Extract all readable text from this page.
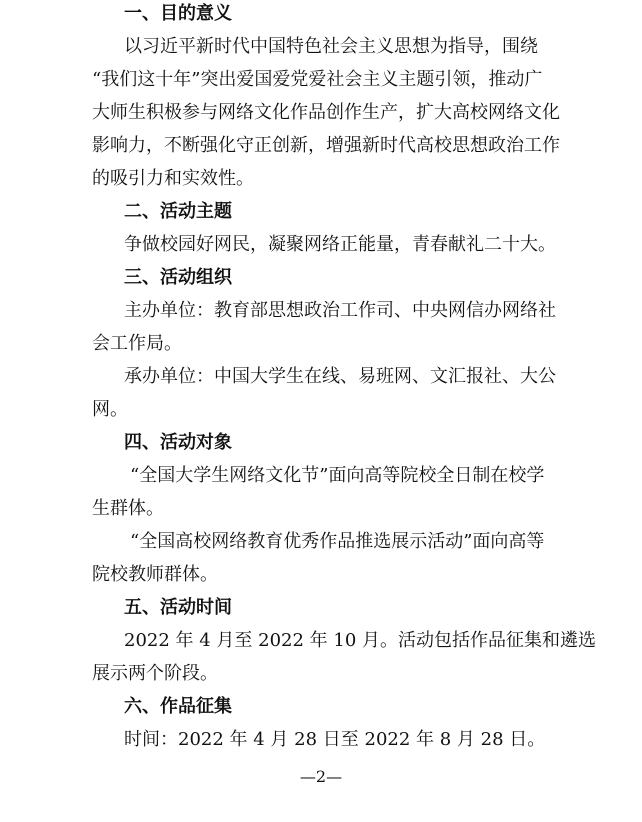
一、目的意义
以习近平新时代中国特色社会主义思想为指导，围绕
“我们这十年”突出爱国爱党爱社会主义主题引领，推动广
大师生积极参与网络文化作品创作生产，扩大高校网络文化
影响力，不断强化守正创新，增强新时代高校思想政治工作
的吸引力和实效性。
二、活动主题
争做校园好网民，凝聚网络正能量，青春献礼二十大。
三、活动组织
主办单位：教育部思想政治工作司、中央网信办网络社
会工作局。
承办单位：中国大学生在线、易班网、文汇报社、大公
网。
四、活动对象
“全国大学生网络文化节”面向高等院校全日制在校学
生群体。
“全国高校网络教育优秀作品推选展示活动”面向高等
院校教师群体。
五、活动时间
2022 年 4 月至 2022 年 10 月。活动包括作品征集和遴选
展示两个阶段。
六、作品征集
时间：2022 年 4 月 28 日至 2022 年 8 月 28 日。
—2—
